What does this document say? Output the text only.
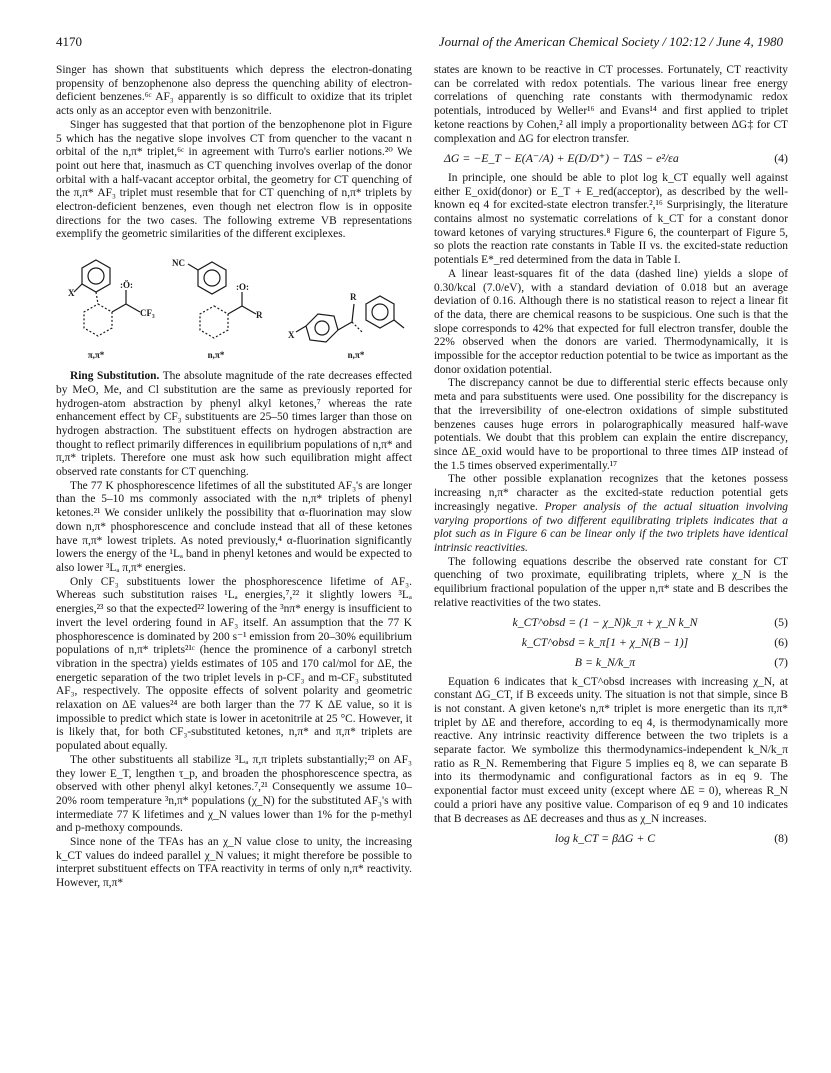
4170	Journal of the American Chemical Society / 102:12 / June 4, 1980

Singer has shown that substituents which depress the electron-donating propensity of benzophenone also depress the quenching ability of electron-deficient benzenes.⁶ᶜ AF₃ apparently is so difficult to oxidize that its triplet acts only as an acceptor even with benzonitrile.

Singer has suggested that that portion of the benzophenone plot in Figure 5 which has the negative slope involves CT from quencher to the vacant n orbital of the n,π* triplet,⁶ᶜ in agreement with Turro's earlier notions.²⁰ We point out here that, inasmuch as CT quenching involves overlap of the donor orbital with a half-vacant acceptor orbital, the geometry for CT quenching of the π,π* AF₃ triplet must resemble that for CT quenching of n,π* triplets by electron-deficient benzenes, even though net electron flow is in opposite directions for the two cases. The following extreme VB representations exemplify the geometric similarities of the different exciplexes.

X
:Ö:
CF₃
NC
:O:
R
X
R
π,π*	n,π*	n,π*

Ring Substitution. The absolute magnitude of the rate decreases effected by MeO, Me, and Cl substitution are the same as previously reported for hydrogen-atom abstraction by phenyl alkyl ketones,⁷ whereas the rate enhancement effect by CF₃ substituents are 25–50 times larger than those on hydrogen abstraction. The substituent effects on hydrogen abstraction are thought to reflect primarily differences in equilibrium populations of n,π* and π,π* triplets. Therefore one must ask how such equilibration might affect observed rate constants for CT quenching.

The 77 K phosphorescence lifetimes of all the substituted AF₃'s are longer than the 5–10 ms commonly associated with the n,π* triplets of phenyl ketones.²¹ We consider unlikely the possibility that α-fluorination may slow down n,π* phosphorescence and conclude instead that all of these ketones have π,π* lowest triplets. As noted previously,⁴ α-fluorination significantly lowers the energy of the ¹Lₐ band in phenyl ketones and would be expected to also lower ³Lₐ π,π* energies.

Only CF₃ substituents lower the phosphorescence lifetime of AF₃. Whereas such substitution raises ¹Lₐ energies,⁷,²² it slightly lowers ³Lₐ energies,²³ so that the expected²² lowering of the ³nπ* energy is insufficient to invert the level ordering found in AF₃ itself. An assumption that the 77 K phosphorescence is dominated by 200 s⁻¹ emission from 20–30% equilibrium populations of n,π* triplets²¹ᶜ (hence the prominence of a carbonyl stretch vibration in the spectra) yields estimates of 105 and 170 cal/mol for ΔE, the energetic separation of the two triplet levels in p-CF₃ and m-CF₃ substituted AF₃, respectively. The opposite effects of solvent polarity and geometric relaxation on ΔE values²⁴ are both larger than the 77 K ΔE value, so it is impossible to predict which state is lower in acetonitrile at 25 °C. However, it is likely that, for both CF₃-substituted ketones, n,π* and π,π* triplets are populated about equally.

The other substituents all stabilize ³Lₐ π,π triplets substantially;²³ on AF₃ they lower E_T, lengthen τ_p, and broaden the phosphorescence spectra, as observed with other phenyl alkyl ketones.⁷,²¹ Consequently we assume 10–20% room temperature ³n,π* populations (χ_N) for the substituted AF₃'s with intermediate 77 K lifetimes and χ_N values lower than 1% for the p-methyl and p-methoxy compounds.

Since none of the TFAs has an χ_N value close to unity, the increasing k_CT values do indeed parallel χ_N values; it might therefore be possible to interpret substituent effects on TFA reactivity in terms of only n,π* reactivity. However, π,π*

states are known to be reactive in CT processes. Fortunately, CT reactivity can be correlated with redox potentials. The various linear free energy correlations of quenching rate constants with thermodynamic redox potentials, introduced by Weller¹⁶ and Evans¹⁴ and first applied to triplet ketone reactions by Cohen,² all imply a proportionality between ΔG‡ for CT complexation and ΔG for electron transfer.

ΔG = −E_T − E(A⁻/A) + E(D/D⁺) − TΔS − e²/εa	(4)

In principle, one should be able to plot log k_CT equally well against either E_oxid(donor) or E_T + E_red(acceptor), as described by the well-known eq 4 for excited-state electron transfer.²,¹⁶ Surprisingly, the literature contains almost no systematic correlations of k_CT for a constant donor toward ketones of varying structures.⁸ Figure 6, the counterpart of Figure 5, so plots the reaction rate constants in Table II vs. the excited-state reduction potentials E*_red determined from the data in Table I.

A linear least-squares fit of the data (dashed line) yields a slope of 0.30/kcal (7.0/eV), with a standard deviation of 0.018 but an average deviation of 0.16. Although there is no statistical reason to reject a linear fit of the data, there are chemical reasons to be suspicious. One such is that the slope corresponds to 42% that expected for full electron transfer, double the 22% observed when the donors are varied. Thermodynamically, it is impossible for the acceptor reduction potential to be twice as important as the donor oxidation potential.

The discrepancy cannot be due to differential steric effects because only meta and para substituents were used. One possibility for the discrepancy is that the irreversibility of one-electron oxidations of simple substituted benzenes causes huge errors in polarographically measured half-wave potentials. We doubt that this problem can explain the entire discrepancy, since ΔE_oxid would have to be proportional to three times ΔIP instead of the 1.5 times observed experimentally.¹⁷

The other possible explanation recognizes that the ketones possess increasing n,π* character as the excited-state reduction potential gets increasingly negative. Proper analysis of the actual situation involving varying proportions of two different equilibrating triplets indicates that a plot such as in Figure 6 can be linear only if the two triplets have identical intrinsic reactivities.

The following equations describe the observed rate constant for CT quenching of two proximate, equilibrating triplets, where χ_N is the equilibrium fractional population of the upper n,π* state and B describes the relative reactivities of the two states.

k_CT^obsd = (1 − χ_N)k_π + χ_N k_N	(5)
k_CT^obsd = k_π[1 + χ_N(B − 1)]	(6)
B = k_N/k_π	(7)

Equation 6 indicates that k_CT^obsd increases with increasing χ_N, at constant ΔG_CT, if B exceeds unity. The situation is not that simple, since B is not constant. A given ketone's n,π* triplet is more energetic than its π,π* triplet by ΔE and therefore, according to eq 4, is thermodynamically more reactive. Any intrinsic reactivity difference between the two triplets is a separate factor. We symbolize this thermodynamics-independent k_N/k_π ratio as R_N. Remembering that Figure 5 implies eq 8, we can separate B into its thermodynamic and configurational factors as in eq 9. The exponential factor must exceed unity (except where ΔE = 0), whereas R_N could a priori have any positive value. Comparison of eq 9 and 10 indicates that B decreases as ΔE decreases and thus as χ_N increases.

log k_CT = βΔG + C	(8)
